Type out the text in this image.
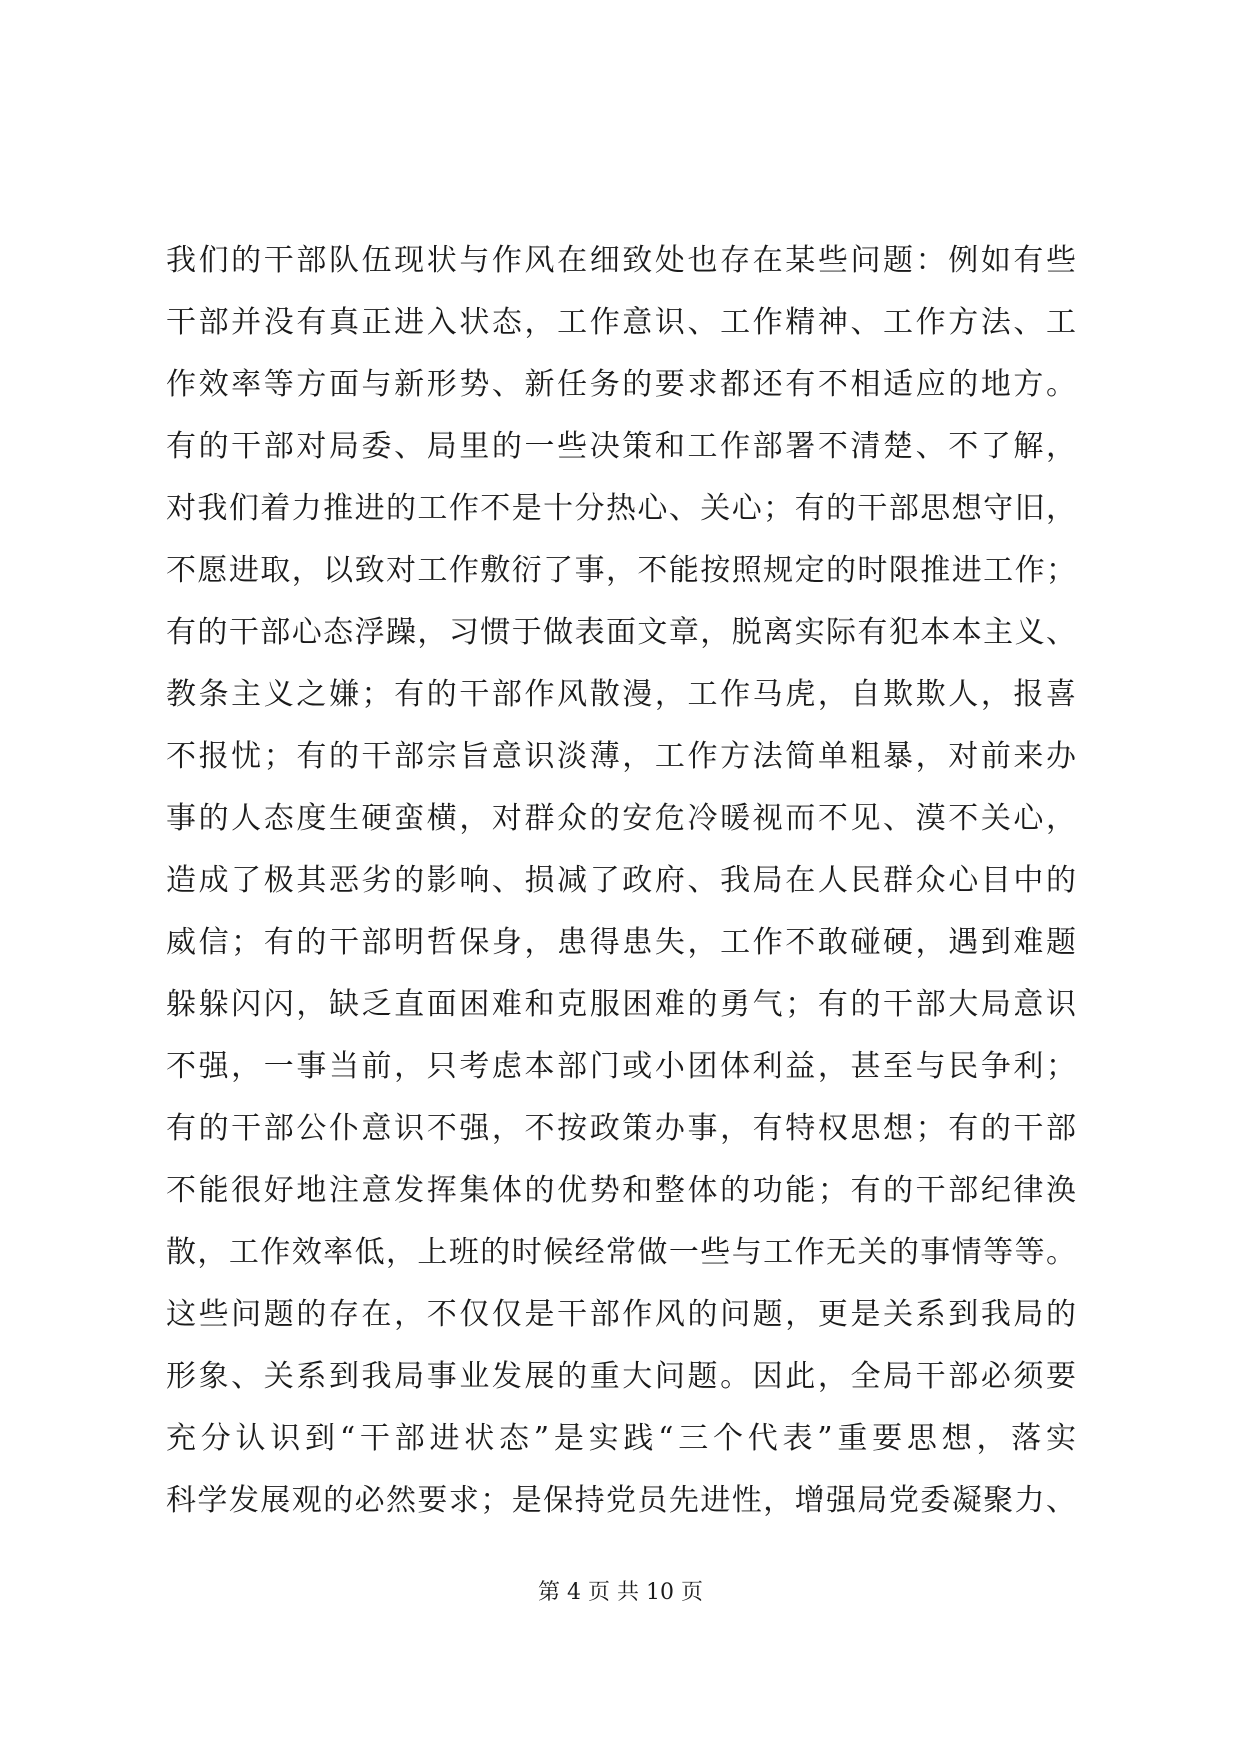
我们的干部队伍现状与作风在细致处也存在某些问题：例如有些
干部并没有真正进入状态，工作意识、工作精神、工作方法、工
作效率等方面与新形势、新任务的要求都还有不相适应的地方。
有的干部对局委、局里的一些决策和工作部署不清楚、不了解，
对我们着力推进的工作不是十分热心、关心；有的干部思想守旧，
不愿进取，以致对工作敷衍了事，不能按照规定的时限推进工作；
有的干部心态浮躁，习惯于做表面文章，脱离实际有犯本本主义、
教条主义之嫌；有的干部作风散漫，工作马虎，自欺欺人，报喜
不报忧；有的干部宗旨意识淡薄，工作方法简单粗暴，对前来办
事的人态度生硬蛮横，对群众的安危冷暖视而不见、漠不关心，
造成了极其恶劣的影响、损减了政府、我局在人民群众心目中的
威信；有的干部明哲保身，患得患失，工作不敢碰硬，遇到难题
躲躲闪闪，缺乏直面困难和克服困难的勇气；有的干部大局意识
不强，一事当前，只考虑本部门或小团体利益，甚至与民争利；
有的干部公仆意识不强，不按政策办事，有特权思想；有的干部
不能很好地注意发挥集体的优势和整体的功能；有的干部纪律涣
散，工作效率低，上班的时候经常做一些与工作无关的事情等等。
这些问题的存在，不仅仅是干部作风的问题，更是关系到我局的
形象、关系到我局事业发展的重大问题。因此，全局干部必须要
充分认识到“干部进状态”是实践“三个代表”重要思想，落实
科学发展观的必然要求；是保持党员先进性，增强局党委凝聚力、
第 4 页 共 10 页
